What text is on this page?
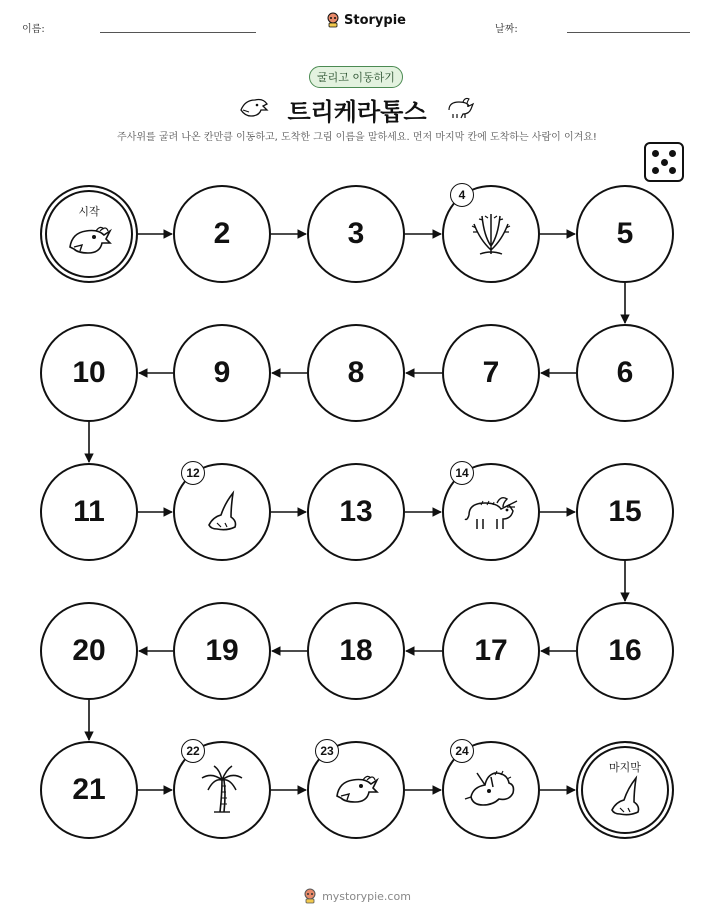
이름:
Storypie
날짜:
굴리고 이동하기
트리케라톱스
주사위를 굴려 나온 칸만큼 이동하고, 도착한 그림 이름을 말하세요. 먼저 마지막 칸에 도착하는 사람이 이겨요!
시작
2	3
4
5
6
7
8
9
10
11
12
13
14
15
16
17
18
19
20
21
22	23	24
마지막
mystorypie.com
